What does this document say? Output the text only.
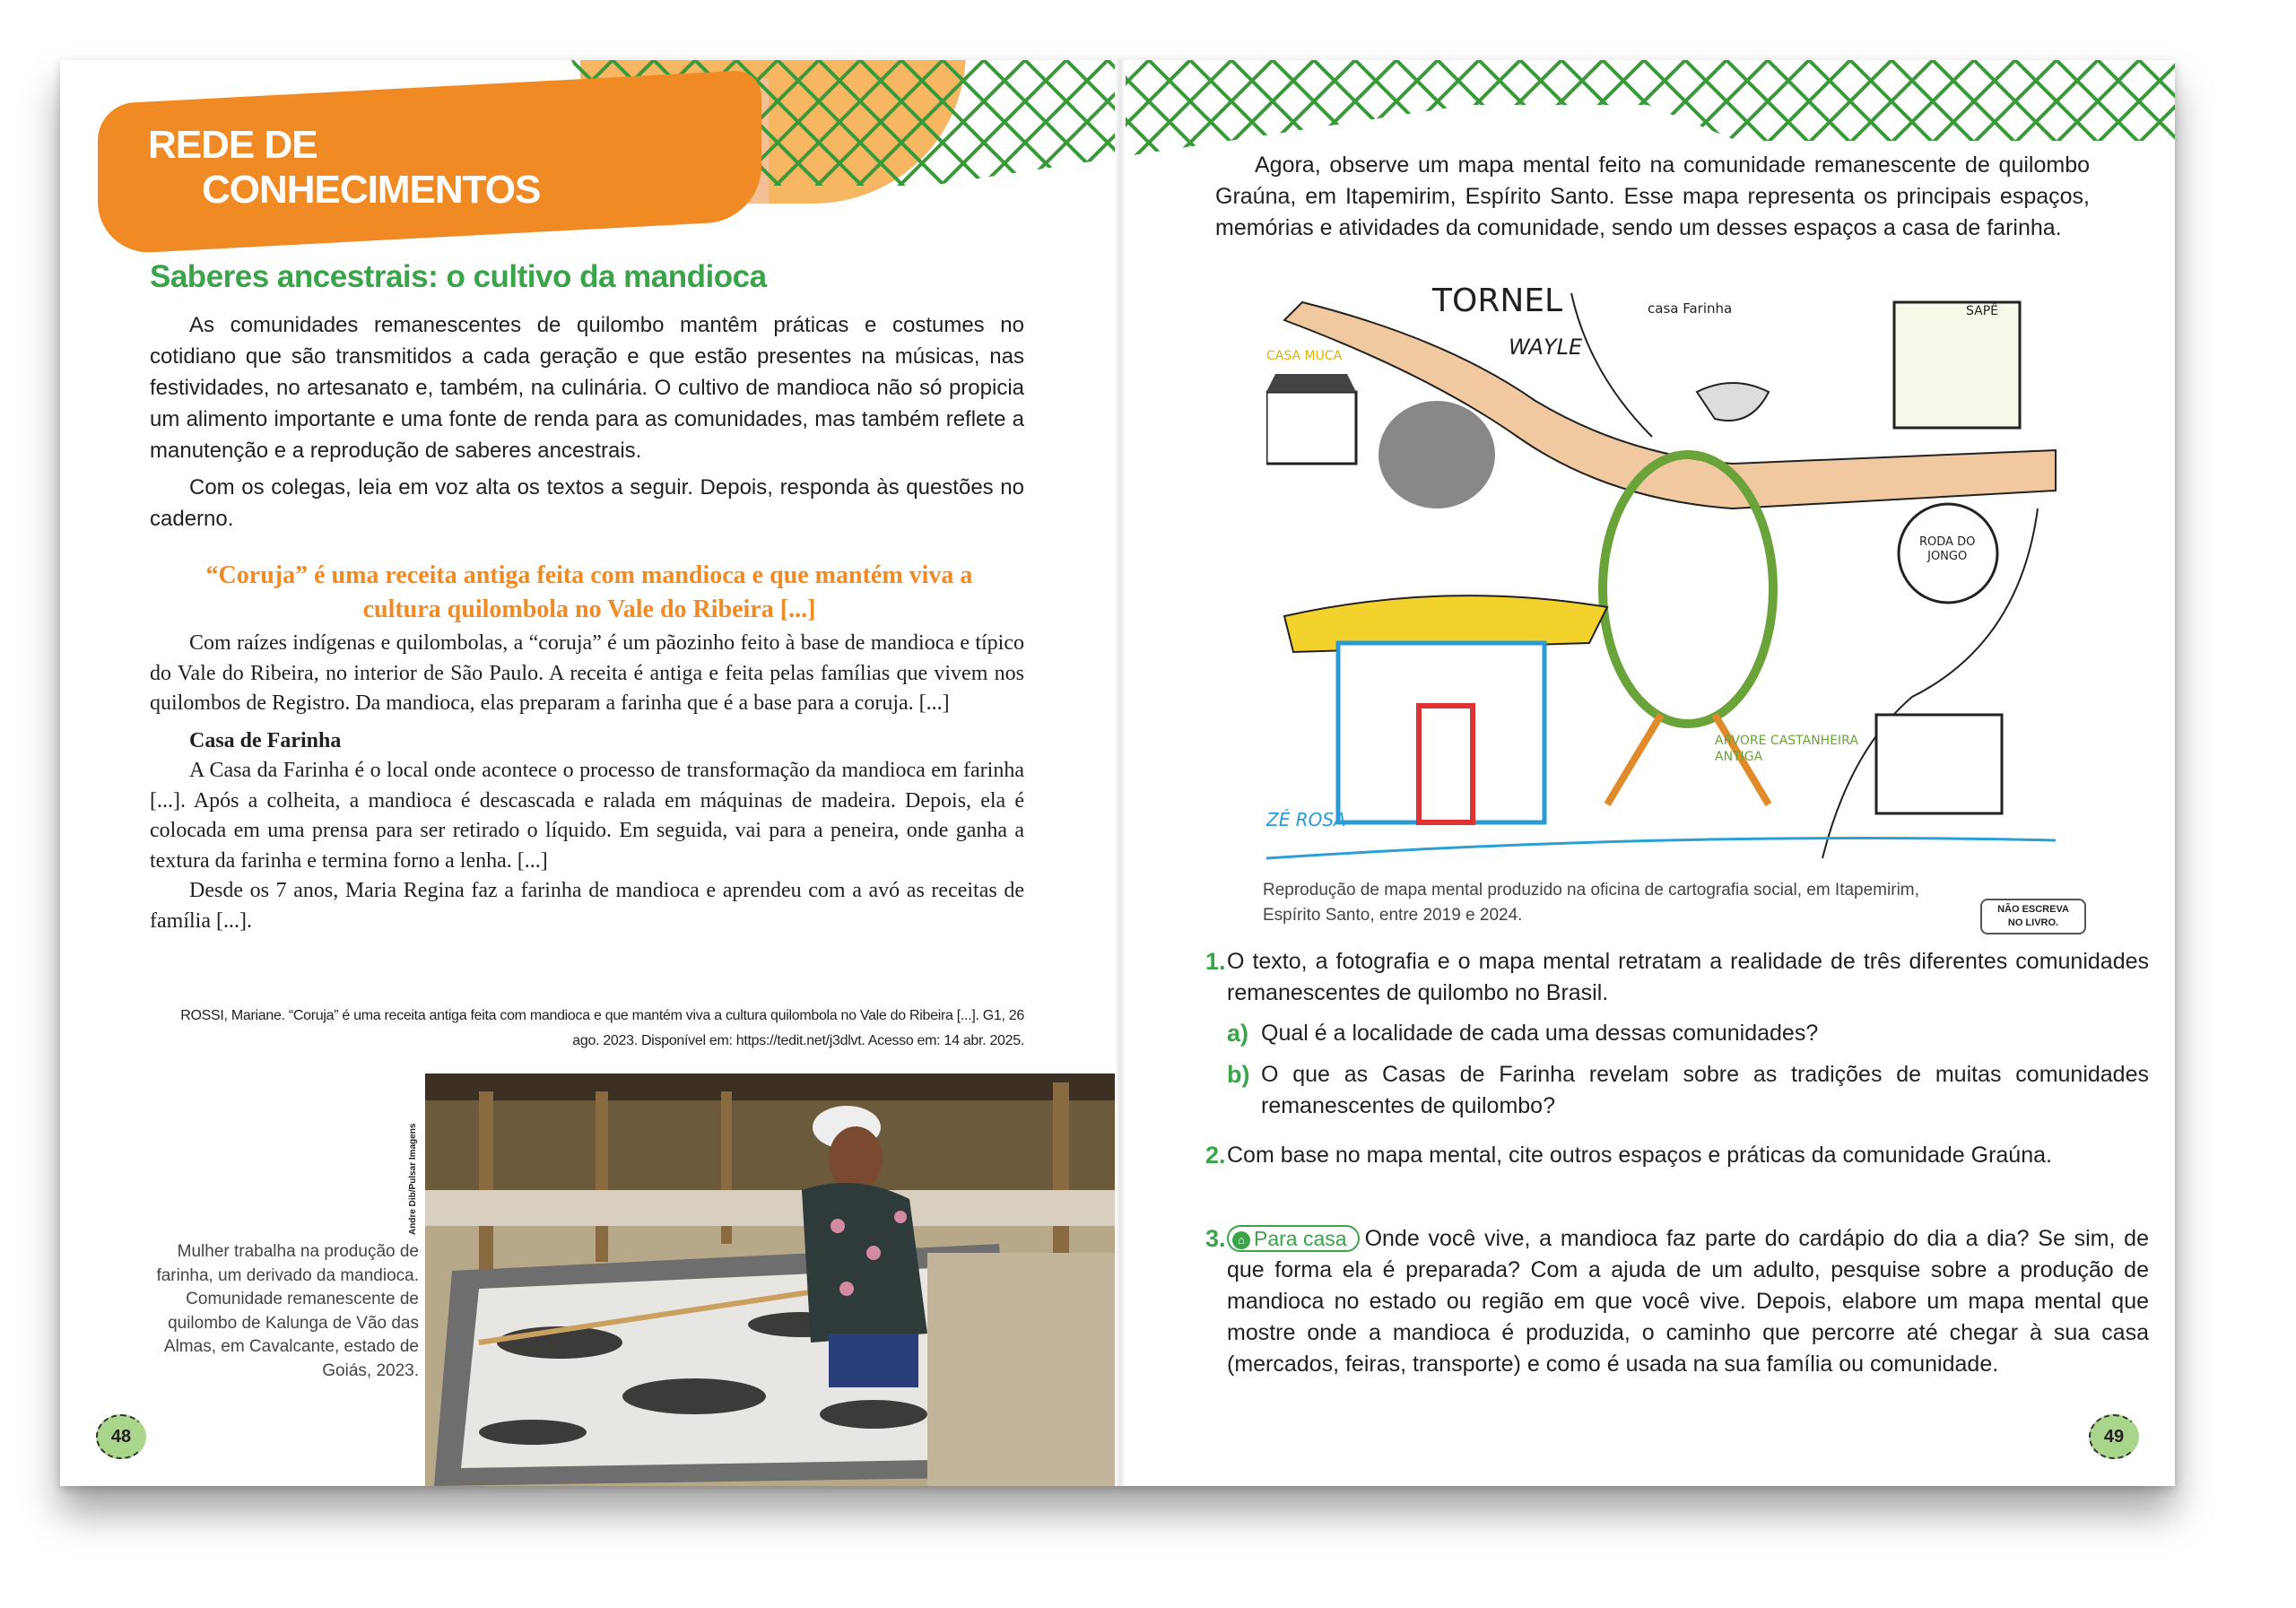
REDE DE
CONHECIMENTOS
Saberes ancestrais: o cultivo da mandioca

As comunidades remanescentes de quilombo mantêm práticas e costumes no cotidiano que são transmitidos a cada geração e que estão presentes na músicas, nas festividades, no artesanato e, também, na culinária. O cultivo de mandioca não só propicia um alimento importante e uma fonte de renda para as comunidades, mas também reflete a manutenção e a reprodução de saberes ancestrais.

Com os colegas, leia em voz alta os textos a seguir. Depois, responda às questões no caderno.

“Coruja” é uma receita antiga feita com mandioca e que mantém viva a cultura quilombola no Vale do Ribeira [...]

Com raízes indígenas e quilombolas, a “coruja” é um pãozinho feito à base de mandioca e típico do Vale do Ribeira, no interior de São Paulo. A receita é antiga e feita pelas famílias que vivem nos quilombos de Registro. Da mandioca, elas preparam a farinha que é a base para a coruja. [...]

Casa de Farinha

A Casa da Farinha é o local onde acontece o processo de transformação da mandioca em farinha [...]. Após a colheita, a mandioca é descascada e ralada em máquinas de madeira. Depois, ela é colocada em uma prensa para ser retirado o líquido. Em seguida, vai para a peneira, onde ganha a textura da farinha e termina forno a lenha. [...]

Desde os 7 anos, Maria Regina faz a farinha de mandioca e aprendeu com a avó as receitas de família [...].

ROSSI, Mariane. “Coruja” é uma receita antiga feita com mandioca e que mantém viva a cultura quilombola no Vale do Ribeira [...]. G1, 26 ago. 2023. Disponível em: https://tedit.net/j3dlvt. Acesso em: 14 abr. 2025.
Mulher trabalha na produção de farinha, um derivado da mandioca. Comunidade remanescente de quilombo de Kalunga de Vão das Almas, em Cavalcante, estado de Goiás, 2023.
Andre Dib/Pulsar Imagens
48
Agora, observe um mapa mental feito na comunidade remanescente de quilombo Graúna, em Itapemirim, Espírito Santo. Esse mapa representa os principais espaços, memórias e atividades da comunidade, sendo um desses espaços a casa de farinha.
TORNEL
WAYLE
casa Farinha
CASA MUCA
SAPÊ
RODA DO
JONGO
ARVORE CASTANHEIRA
ANTIGA
ZÉ ROSA
Reprodução de mapa mental produzido na oficina de cartografia social, em Itapemirim, Espírito Santo, entre 2019 e 2024.	NÃO ESCREVA
NO LIVRO.
1. O texto, a fotografia e o mapa mental retratam a realidade de três diferentes comunidades remanescentes de quilombo no Brasil.
a) Qual é a localidade de cada uma dessas comunidades?
b) O que as Casas de Farinha revelam sobre as tradições de muitas comunidades remanescentes de quilombo?
2. Com base no mapa mental, cite outros espaços e práticas da comunidade Graúna.
3. ⌂ Para casa Onde você vive, a mandioca faz parte do cardápio do dia a dia? Se sim, de que forma ela é preparada? Com a ajuda de um adulto, pesquise sobre a produção de mandioca no estado ou região em que você vive. Depois, elabore um mapa mental que mostre onde a mandioca é produzida, o caminho que percorre até chegar à sua casa (mercados, feiras, transporte) e como é usada na sua família ou comunidade.
49
